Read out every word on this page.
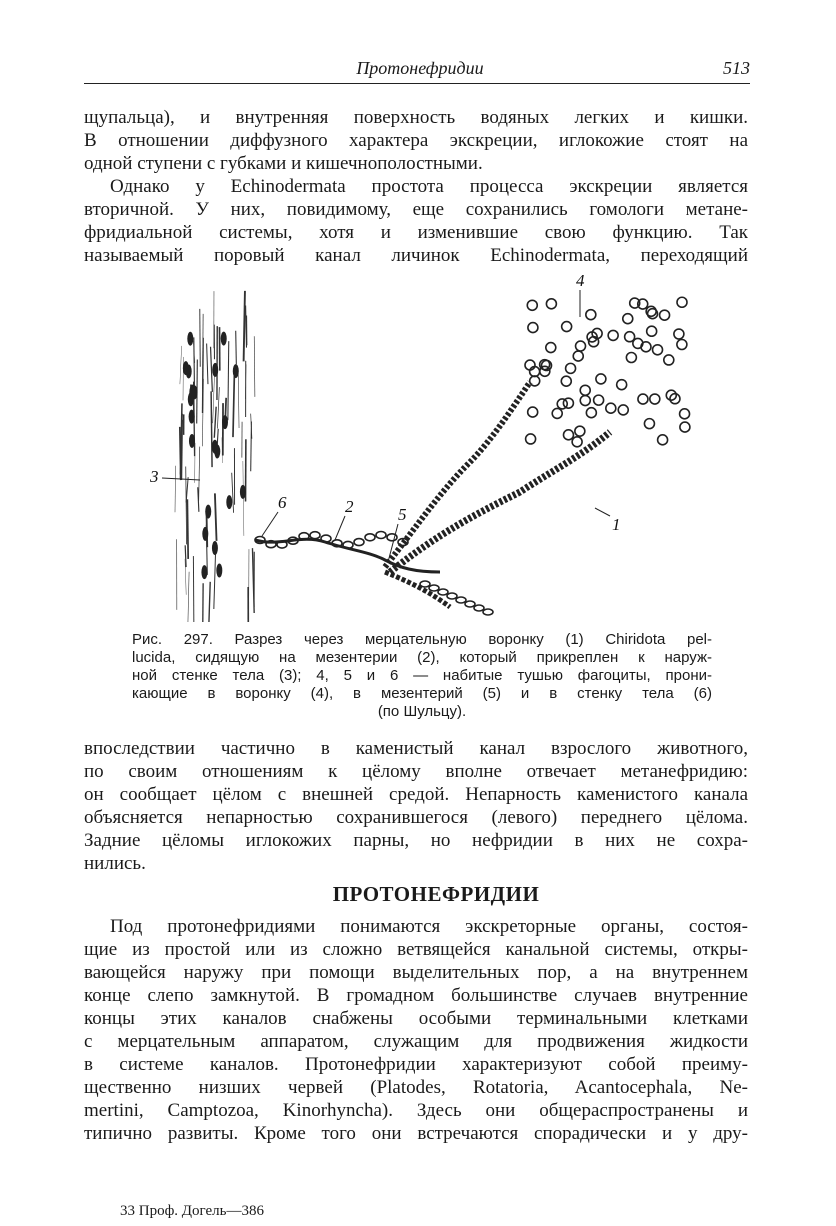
Протонефридии	513
щупальца), и внутренняя поверхность водяных легких и кишки.
В отношении диффузного характера экскреции, иглокожие стоят на
одной ступени с губками и кишечнополостными.
Однако у Echinodermata простота процесса экскреции является
вторичной. У них, повидимому, еще сохранились гомологи метане-
фридиальной системы, хотя и изменившие свою функцию. Так
называемый поровый канал личинок Echinodermata, переходящий
1
2
3
4
5
6
Рис. 297. Разрез через мерцательную воронку (1) Chiridota pel-
lucida, сидящую на мезентерии (2), который прикреплен к наруж-
ной стенке тела (3); 4, 5 и 6 — набитые тушью фагоциты, прони-
кающие в воронку (4), в мезентерий (5) и в стенку тела (6)
(по Шульцу).
впоследствии частично в каменистый канал взрослого животного,
по своим отношениям к цёлому вполне отвечает метанефридию:
он сообщает цёлом с внешней средой. Непарность каменистого канала
объясняется непарностью сохранившегося (левого) переднего цёлома.
Задние цёломы иглокожих парны, но нефридии в них не сохра-
нились.
ПРОТОНЕФРИДИИ
Под протонефридиями понимаются экскреторные органы, состоя-
щие из простой или из сложно ветвящейся канальной системы, откры-
вающейся наружу при помощи выделительных пор, а на внутреннем
конце слепо замкнутой. В громадном большинстве случаев внутренние
концы этих каналов снабжены особыми терминальными клетками
с мерцательным аппаратом, служащим для продвижения жидкости
в системе каналов. Протонефридии характеризуют собой преиму-
щественно низших червей (Platodes, Rotatoria, Acantocephala, Ne-
mertini, Camptozoa, Kinorhyncha). Здесь они общераспространены и
типично развиты. Кроме того они встречаются спорадически и у дру-
33 Проф. Догель—386
